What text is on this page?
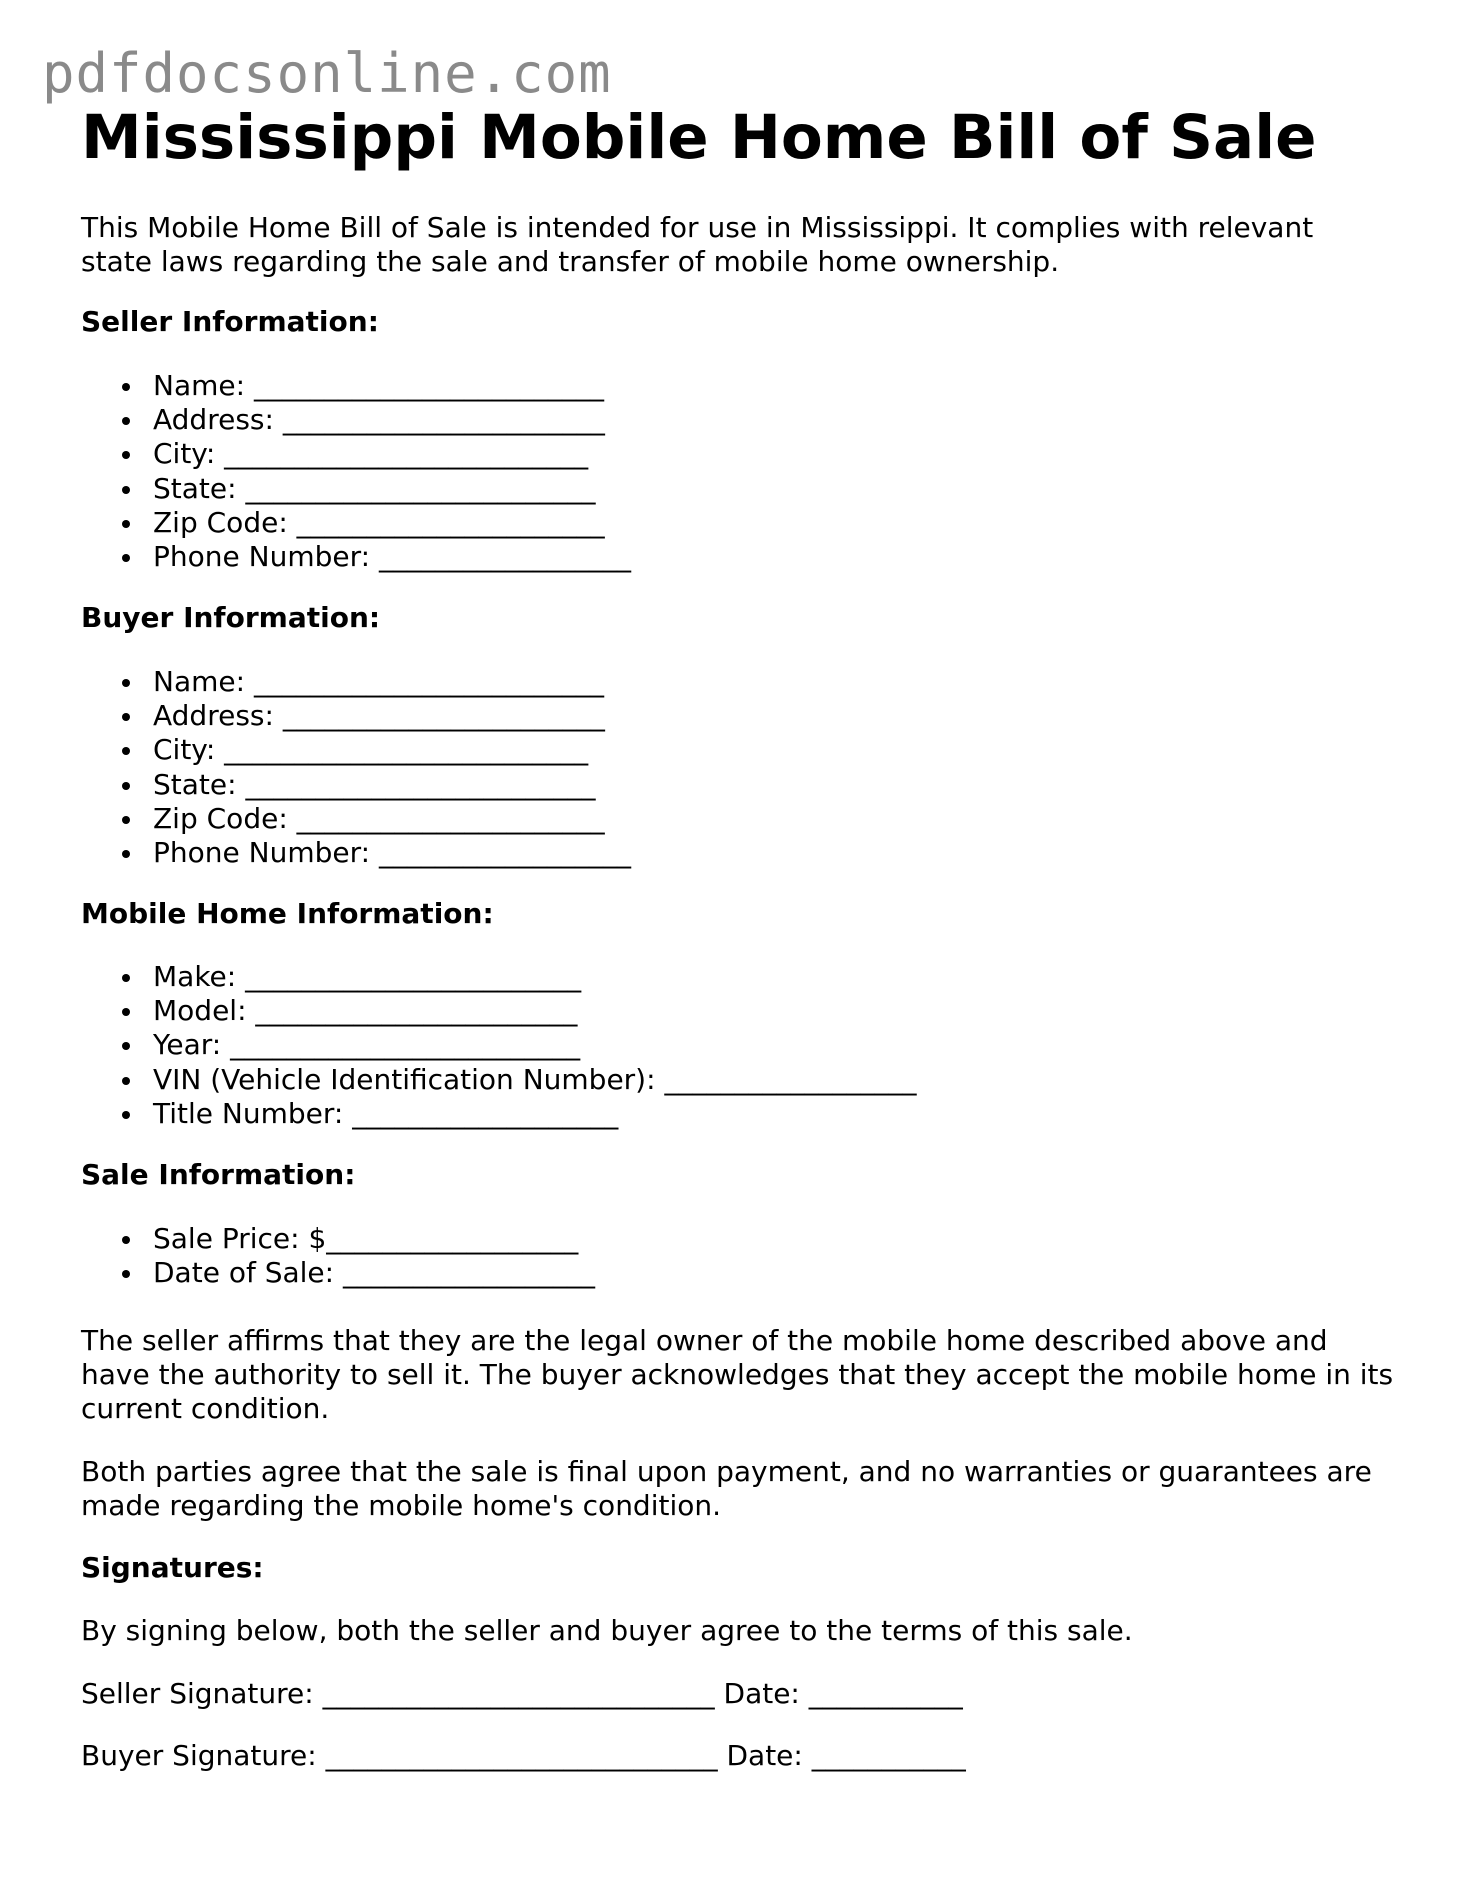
pdfdocsonline.com
Mississippi Mobile Home Bill of Sale

This Mobile Home Bill of Sale is intended for use in Mississippi. It complies with relevant state laws regarding the sale and transfer of mobile home ownership.

Seller Information:

Name: _________________________
Address: _______________________
City: __________________________
State: _________________________
Zip Code: ______________________
Phone Number: __________________

Buyer Information:

Name: _________________________
Address: _______________________
City: __________________________
State: _________________________
Zip Code: ______________________
Phone Number: __________________

Mobile Home Information:

Make: ________________________
Model: _______________________
Year: _________________________
VIN (Vehicle Identification Number): __________________
Title Number: ___________________

Sale Information:

Sale Price: $__________________
Date of Sale: __________________

The seller affirms that they are the legal owner of the mobile home described above and have the authority to sell it. The buyer acknowledges that they accept the mobile home in its current condition.

Both parties agree that the sale is final upon payment, and no warranties or guarantees are made regarding the mobile home's condition.

Signatures:

By signing below, both the seller and buyer agree to the terms of this sale.

Seller Signature: ____________________________ Date: ___________

Buyer Signature: ____________________________ Date: ___________
